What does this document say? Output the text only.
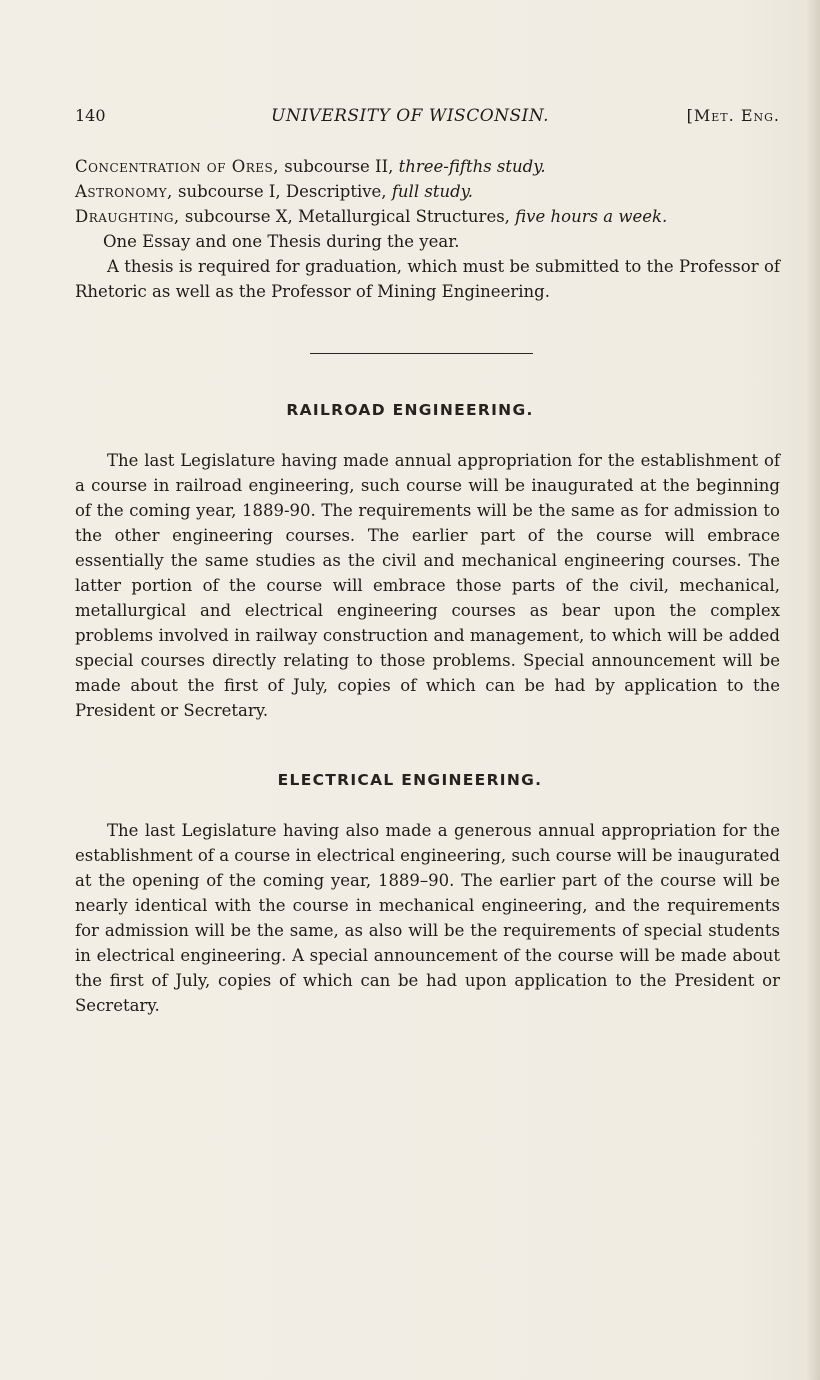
140	UNIVERSITY OF WISCONSIN.	[Met. Eng.

Concentration of Ores, subcourse II, three-fifths study.

Astronomy, subcourse I, Descriptive, full study.

Draughting, subcourse X, Metallurgical Structures, five hours a week.

One Essay and one Thesis during the year.

A thesis is required for graduation, which must be submitted to the Professor of Rhetoric as well as the Professor of Mining Engineering.

RAILROAD ENGINEERING.

The last Legislature having made annual appropriation for the establishment of a course in railroad engineering, such course will be inaugurated at the beginning of the coming year, 1889-90. The requirements will be the same as for admission to the other engineering courses. The earlier part of the course will embrace essentially the same studies as the civil and mechanical engineering courses. The latter portion of the course will embrace those parts of the civil, mechanical, metallurgical and electrical engineering courses as bear upon the complex problems involved in railway construction and management, to which will be added special courses directly relating to those problems. Special announcement will be made about the first of July, copies of which can be had by application to the President or Secretary.

ELECTRICAL ENGINEERING.

The last Legislature having also made a generous annual appropriation for the establishment of a course in electrical engineering, such course will be inaugurated at the opening of the coming year, 1889–90. The earlier part of the course will be nearly identical with the course in mechanical engineering, and the requirements for admission will be the same, as also will be the requirements of special students in electrical engineering. A special announcement of the course will be made about the first of July, copies of which can be had upon application to the President or Secretary.
